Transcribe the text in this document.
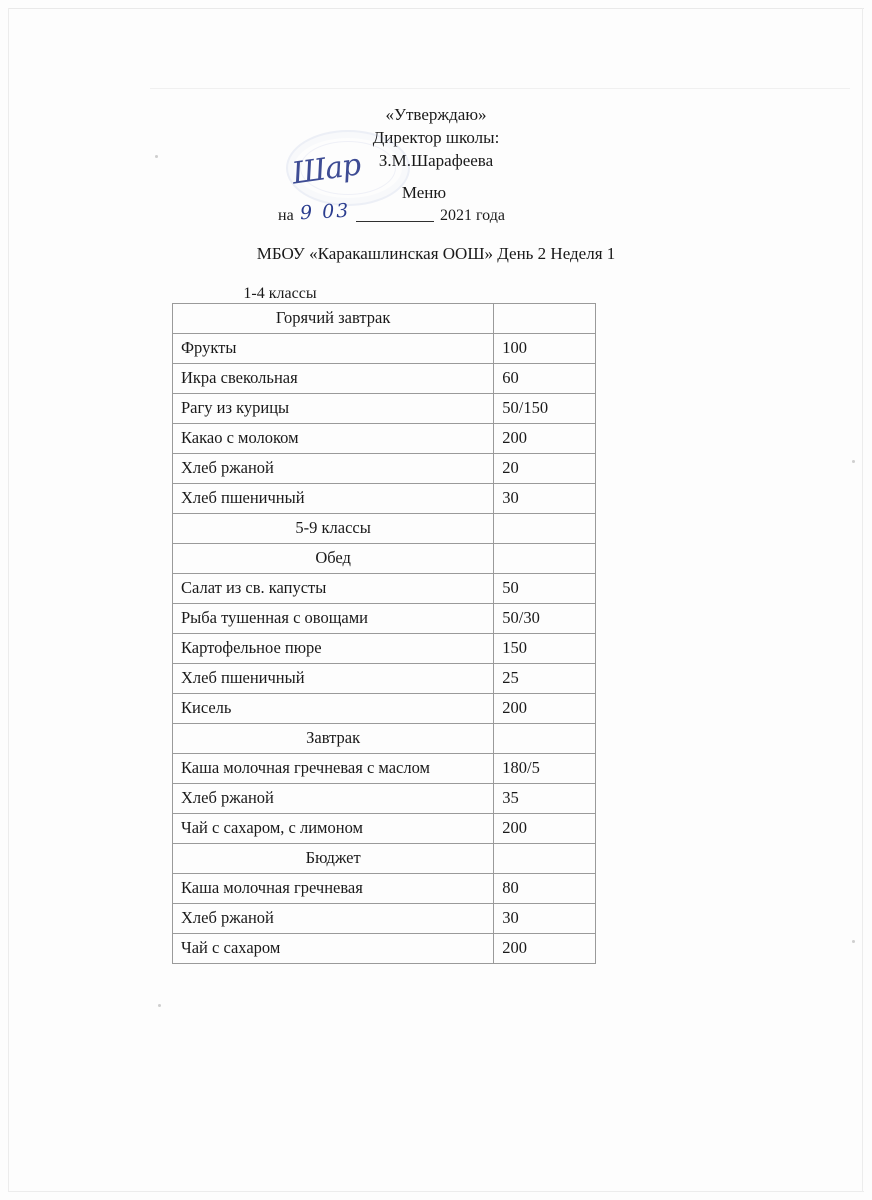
«Утверждаю»
Директор школы:
З.М.Шарафеева
Шар
Меню
на 9 03	2021 года
МБОУ «Каракашлинская ООШ» День 2 Неделя 1
1-4 классы
Горячий завтрак	
Фрукты	100
Икра свекольная	60
Рагу из курицы	50/150
Какао с молоком	200
Хлеб ржаной	20
Хлеб пшеничный	30
5-9 классы	
Обед	
Салат из св. капусты	50
Рыба тушенная с овощами	50/30
Картофельное пюре	150
Хлеб пшеничный	25
Кисель	200
Завтрак	
Каша молочная гречневая с маслом	180/5
Хлеб ржаной	35
Чай с сахаром, с лимоном	200
Бюджет	
Каша молочная гречневая	80
Хлеб ржаной	30
Чай с сахаром	200
